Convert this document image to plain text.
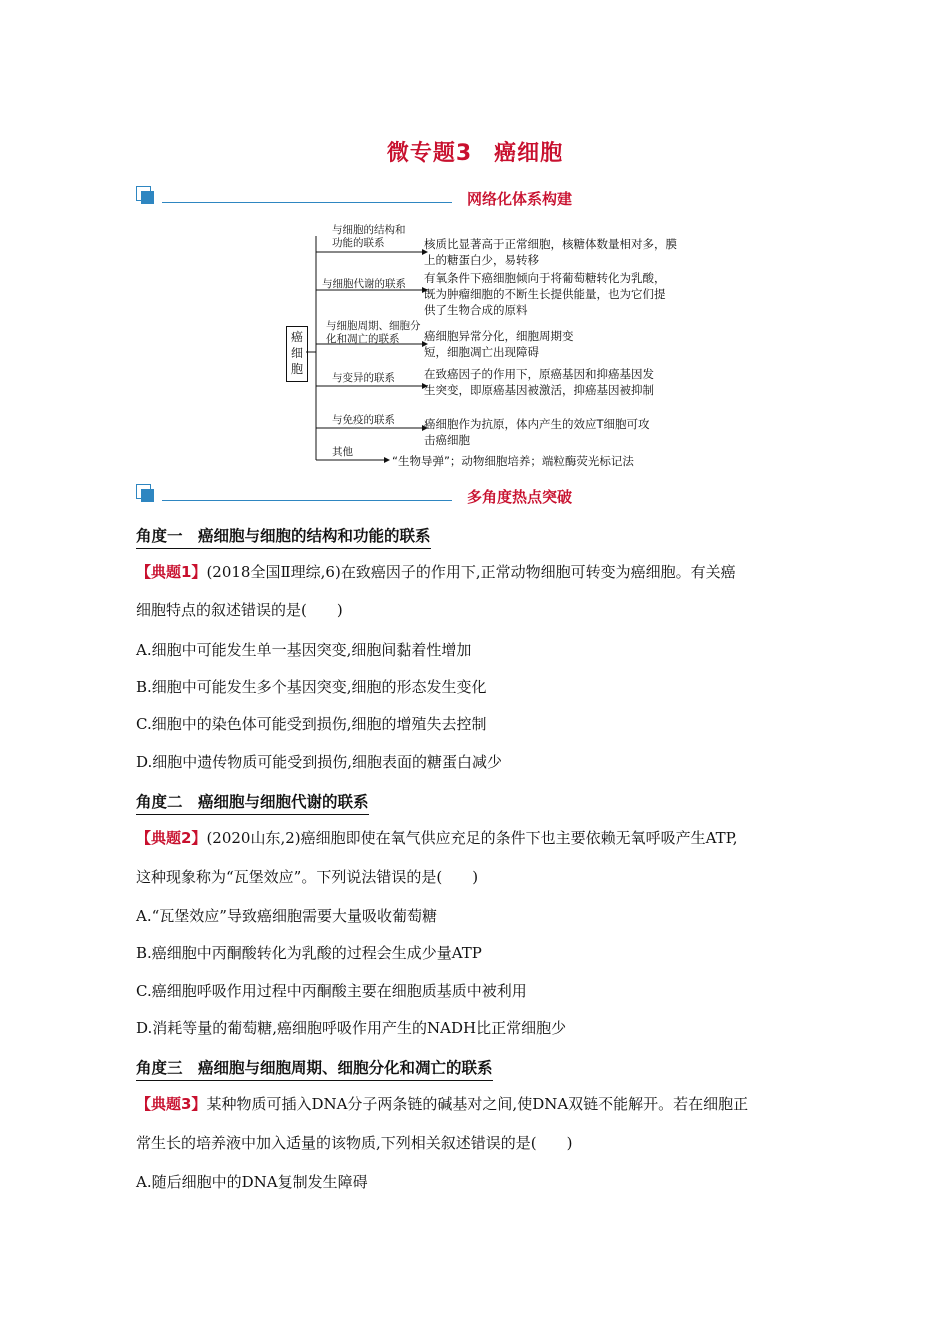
微专题3 癌细胞
网络化体系构建
癌细胞
与细胞的结构和功能的联系	核质比显著高于正常细胞，核糖体数量相对多，膜上的糖蛋白少，易转移
与细胞代谢的联系	有氧条件下癌细胞倾向于将葡萄糖转化为乳酸，既为肿瘤细胞的不断生长提供能量，也为它们提供了生物合成的原料
与细胞周期、细胞分化和凋亡的联系	癌细胞异常分化，细胞周期变短，细胞凋亡出现障碍
与变异的联系	在致癌因子的作用下，原癌基因和抑癌基因发生突变，即原癌基因被激活，抑癌基因被抑制
与免疫的联系	癌细胞作为抗原，体内产生的效应T细胞可攻击癌细胞
其他
“生物导弹”；动物细胞培养；端粒酶荧光标记法
多角度热点突破
角度一　癌细胞与细胞的结构和功能的联系
【典题1】(2018全国Ⅱ理综,6)在致癌因子的作用下,正常动物细胞可转变为癌细胞。有关癌
细胞特点的叙述错误的是(　　)
A.细胞中可能发生单一基因突变,细胞间黏着性增加
B.细胞中可能发生多个基因突变,细胞的形态发生变化
C.细胞中的染色体可能受到损伤,细胞的增殖失去控制
D.细胞中遗传物质可能受到损伤,细胞表面的糖蛋白减少
角度二　癌细胞与细胞代谢的联系
【典题2】(2020山东,2)癌细胞即使在氧气供应充足的条件下也主要依赖无氧呼吸产生ATP,
这种现象称为“瓦堡效应”。下列说法错误的是(　　)
A.“瓦堡效应”导致癌细胞需要大量吸收葡萄糖
B.癌细胞中丙酮酸转化为乳酸的过程会生成少量ATP
C.癌细胞呼吸作用过程中丙酮酸主要在细胞质基质中被利用
D.消耗等量的葡萄糖,癌细胞呼吸作用产生的NADH比正常细胞少
角度三　癌细胞与细胞周期、细胞分化和凋亡的联系
【典题3】某种物质可插入DNA分子两条链的碱基对之间,使DNA双链不能解开。若在细胞正
常生长的培养液中加入适量的该物质,下列相关叙述错误的是(　　)
A.随后细胞中的DNA复制发生障碍
